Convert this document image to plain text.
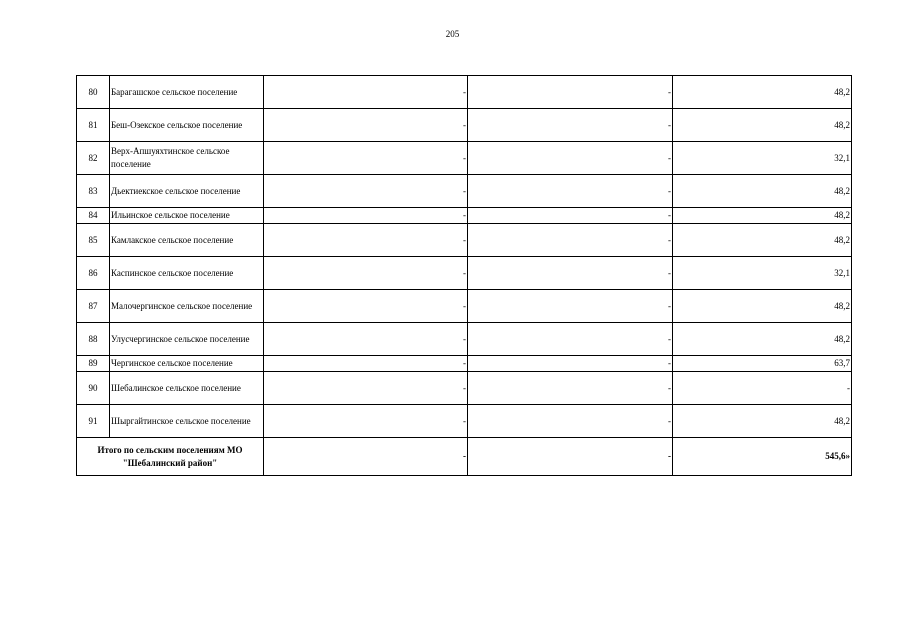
205
80	Барагашское сельское поселение	-	-	48,2
81	Беш-Озекское сельское поселение	-	-	48,2
82	Верх-Апшуяхтинское сельское поселение	-	-	32,1
83	Дьектиекское сельское поселение	-	-	48,2
84	Ильинское сельское поселение	-	-	48,2
85	Камлакское сельское поселение	-	-	48,2
86	Каспинское сельское поселение	-	-	32,1
87	Малочергинское сельское поселение	-	-	48,2
88	Улусчергинское сельское поселение	-	-	48,2
89	Чергинское сельское поселение	-	-	63,7
90	Шебалинское сельское поселение	-	-	-
91	Шыргайтинское сельское поселение	-	-	48,2
Итого по сельским поселениям МО "Шебалинский район"		-	-	545,6»
